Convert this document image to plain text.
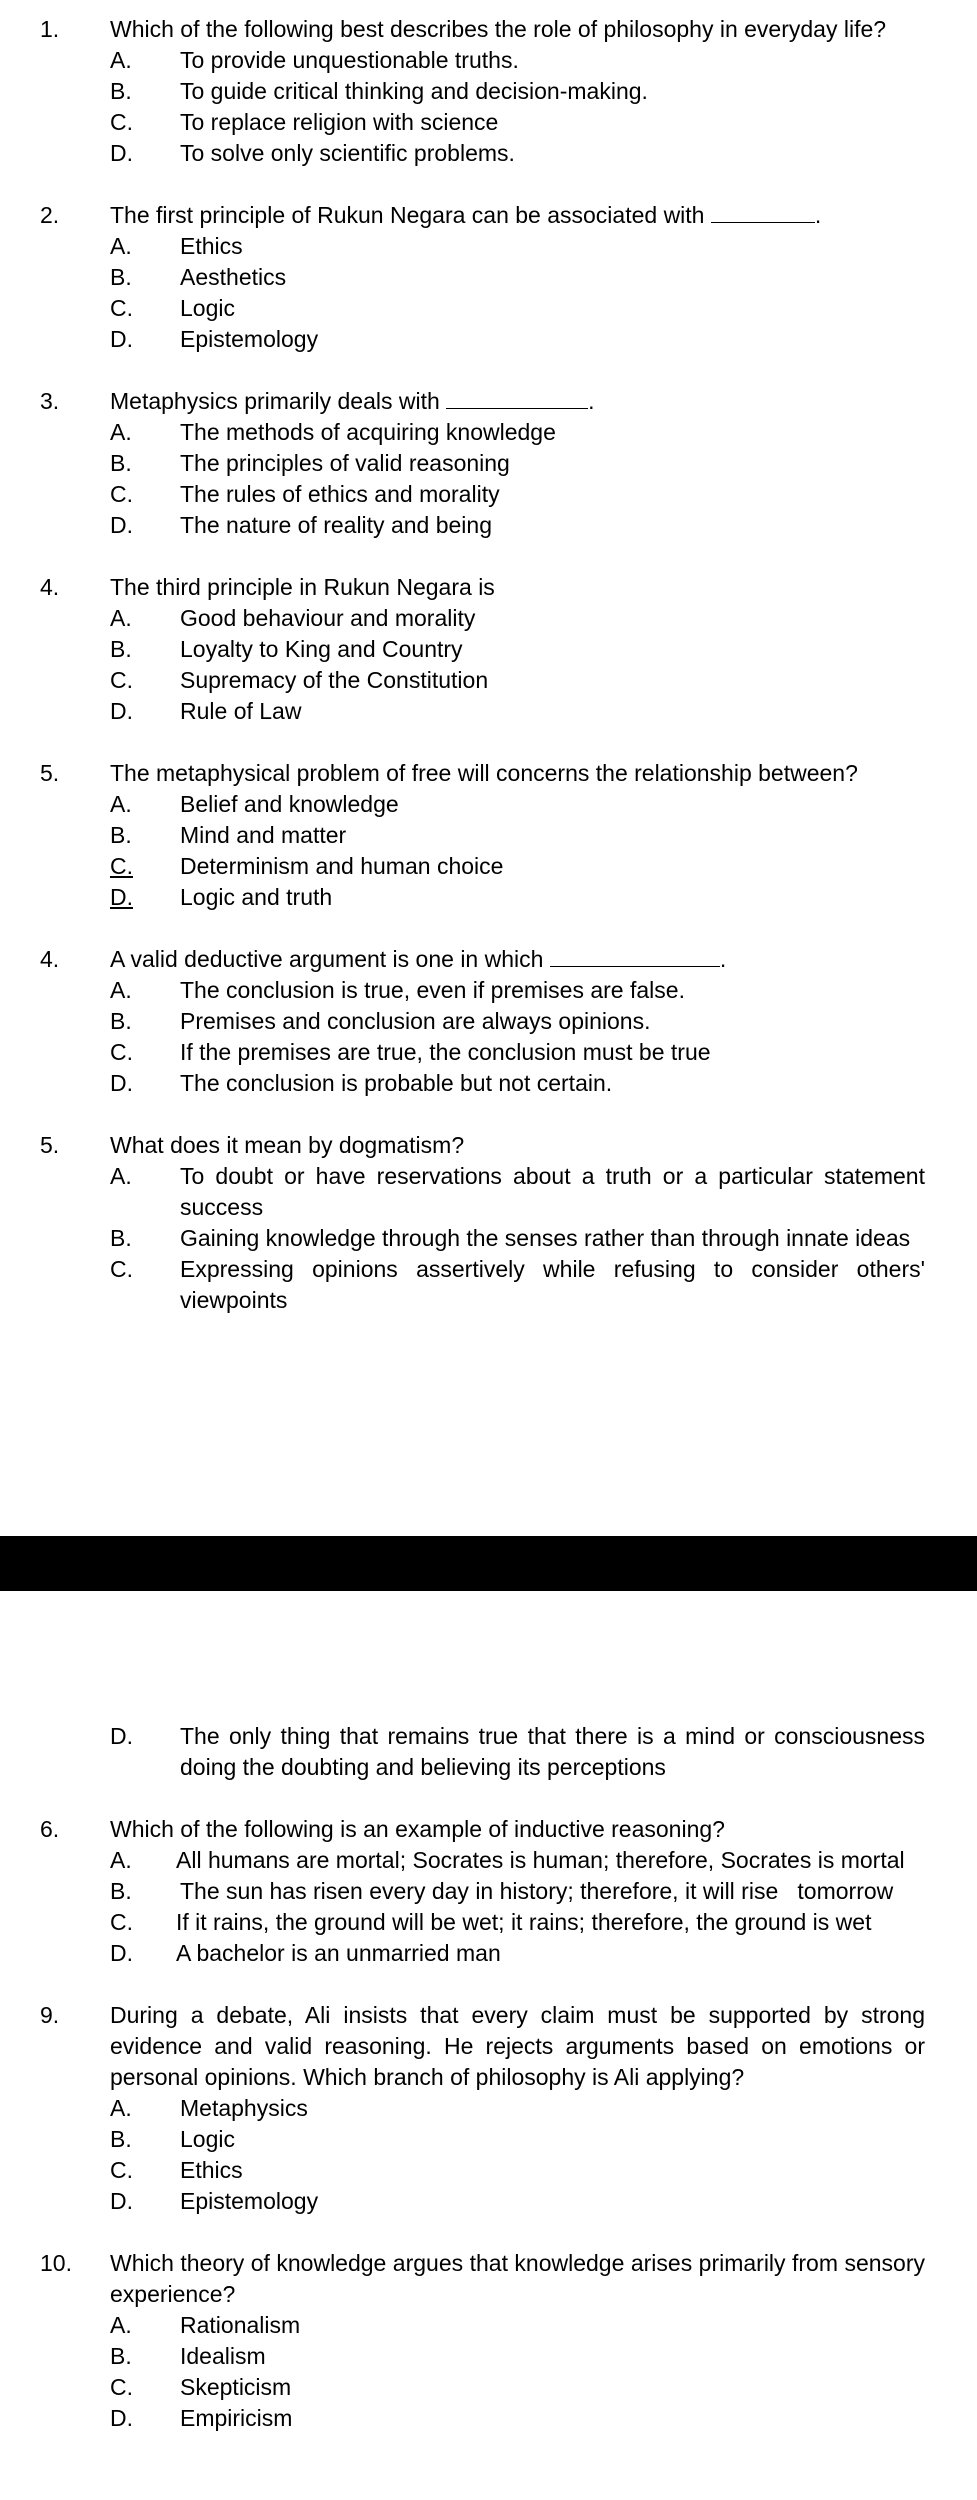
1.	Which of the following best describes the role of philosophy in everyday life?
A.	To provide unquestionable truths.
B.	To guide critical thinking and decision-making.
C.	To replace religion with science
D.	To solve only scientific problems.
2.	The first principle of Rukun Negara can be associated with	.
A.	Ethics
B.	Aesthetics
C.	Logic
D.	Epistemology
3.	Metaphysics primarily deals with	.
A.	The methods of acquiring knowledge
B.	The principles of valid reasoning
C.	The rules of ethics and morality
D.	The nature of reality and being
4.	The third principle in Rukun Negara is
A.	Good behaviour and morality
B.	Loyalty to King and Country
C.	Supremacy of the Constitution
D.	Rule of Law
5.	The metaphysical problem of free will concerns the relationship between?
A.	Belief and knowledge
B.	Mind and matter
C.	Determinism and human choice
D.	Logic and truth
4.	A valid deductive argument is one in which	.
A.	The conclusion is true, even if premises are false.
B.	Premises and conclusion are always opinions.
C.	If the premises are true, the conclusion must be true
D.	The conclusion is probable but not certain.
5.	What does it mean by dogmatism?
A.	To doubt or have reservations about a truth or a particular statement success
B.	Gaining knowledge through the senses rather than through innate ideas
C.	Expressing opinions assertively while refusing to consider others' viewpoints
D.	The only thing that remains true that there is a mind or consciousness doing the doubting and believing its perceptions
6.	Which of the following is an example of inductive reasoning?
A.	All humans are mortal; Socrates is human; therefore, Socrates is mortal
B.	The sun has risen every day in history; therefore, it will rise   tomorrow
C.	If it rains, the ground will be wet; it rains; therefore, the ground is wet
D.	A bachelor is an unmarried man
9.	During a debate, Ali insists that every claim must be supported by strong evidence and valid reasoning. He rejects arguments based on emotions or personal opinions. Which branch of philosophy is Ali applying?
A.	Metaphysics
B.	Logic
C.	Ethics
D.	Epistemology
10.	Which theory of knowledge argues that knowledge arises primarily from sensory experience?
A.	Rationalism
B.	Idealism
C.	Skepticism
D.	Empiricism
